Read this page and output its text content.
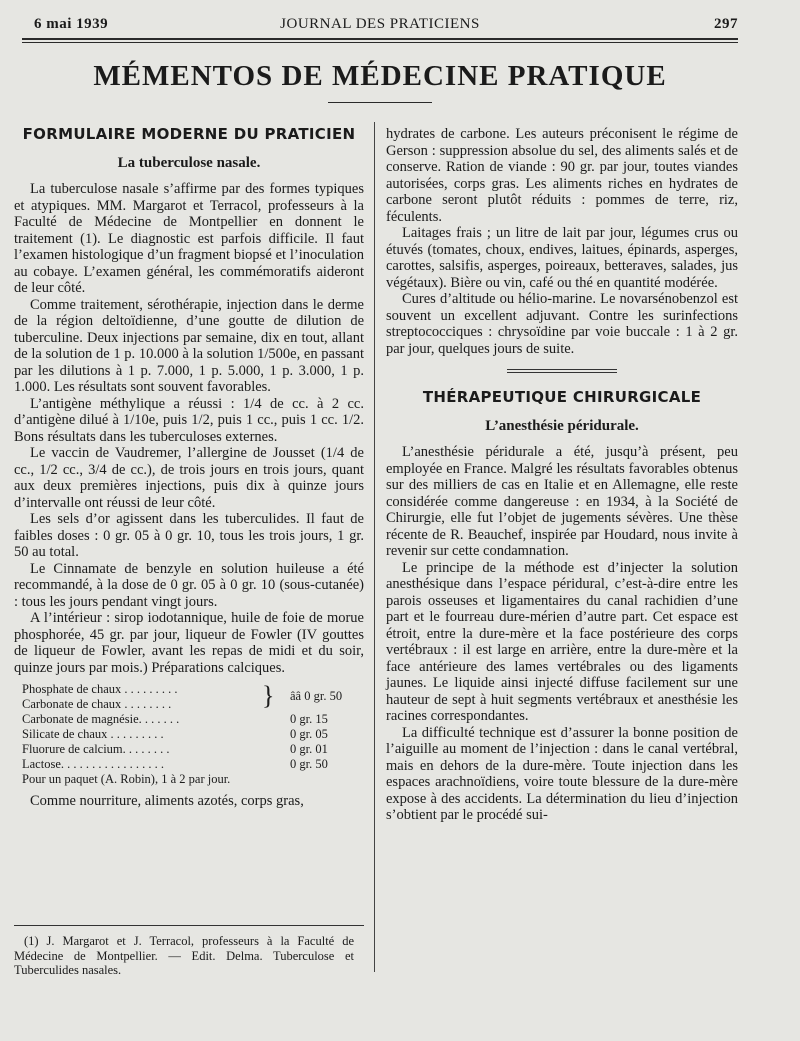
6 mai 1939	JOURNAL DES PRATICIENS	297
MÉMENTOS DE MÉDECINE PRATIQUE
FORMULAIRE MODERNE DU PRATICIEN
La tuberculose nasale.

La tuberculose nasale s’affirme par des formes typiques et atypiques. MM. Margarot et Terracol, professeurs à la Faculté de Médecine de Montpellier en donnent le traitement (1). Le diagnostic est parfois difficile. Il faut l’examen histologique d’un fragment biopsé et l’inoculation au cobaye. L’examen général, les commémoratifs aideront de leur côté.

Comme traitement, sérothérapie, injection dans le derme de la région deltoïdienne, d’une goutte de dilution de tuberculine. Deux injections par semaine, dix en tout, allant de la solution de 1 p. 10.000 à la solution 1/500e, en passant par les dilutions à 1 p. 7.000, 1 p. 5.000, 1 p. 3.000, 1 p. 1.000. Les résultats sont souvent favorables.

L’antigène méthylique a réussi : 1/4 de cc. à 2 cc. d’antigène dilué à 1/10e, puis 1/2, puis 1 cc., puis 1 cc. 1/2. Bons résultats dans les tuberculoses externes.

Le vaccin de Vaudremer, l’allergine de Jousset (1/4 de cc., 1/2 cc., 3/4 de cc.), de trois jours en trois jours, quant aux deux premières injections, puis dix à quinze jours d’intervalle ont réussi de leur côté.

Les sels d’or agissent dans les tuberculides. Il faut de faibles doses : 0 gr. 05 à 0 gr. 10, tous les trois jours, 1 gr. 50 au total.

Le Cinnamate de benzyle en solution huileuse a été recommandé, à la dose de 0 gr. 05 à 0 gr. 10 (sous-cutanée) : tous les jours pendant vingt jours.

A l’intérieur : sirop iodotannique, huile de foie de morue phosphorée, 45 gr. par jour, liqueur de Fowler (IV gouttes de liqueur de Fowler, avant les repas de midi et du soir, quinze jours par mois.) Préparations calciques.

Phosphate de chaux . . . . . . . . .	}
Carbonate de chaux . . . . . . . .
ââ 0 gr. 50
Carbonate de magnésie. . . . . . .	0 gr. 15
Silicate de chaux . . . . . . . . .	0 gr. 05
Fluorure de calcium. . . . . . . .	0 gr. 01
Lactose. . . . . . . . . . . . . . . . .	0 gr. 50
Pour un paquet (A. Robin), 1 à 2 par jour.

Comme nourriture, aliments azotés, corps gras,

(1) J. Margarot et J. Terracol, professeurs à la Faculté de Médecine de Montpellier. — Edit. Delma. Tuberculose et Tuberculides nasales.

hydrates de carbone. Les auteurs préconisent le régime de Gerson : suppression absolue du sel, des aliments salés et de conserve. Ration de viande : 90 gr. par jour, toutes viandes autorisées, corps gras. Les aliments riches en hydrates de carbone seront plutôt réduits : pommes de terre, riz, féculents.

Laitages frais ; un litre de lait par jour, légumes crus ou étuvés (tomates, choux, endives, laitues, épinards, asperges, carottes, salsifis, asperges, poireaux, betteraves, salades, jus végétaux). Bière ou vin, café ou thé en quantité modérée.

Cures d’altitude ou hélio-marine. Le novarsénobenzol est souvent un excellent adjuvant. Contre les surinfections streptococciques : chrysoïdine par voie buccale : 1 à 2 gr. par jour, quelques jours de suite.

THÉRAPEUTIQUE CHIRURGICALE
L’anesthésie péridurale.

L’anesthésie péridurale a été, jusqu’à présent, peu employée en France. Malgré les résultats favorables obtenus sur des milliers de cas en Italie et en Allemagne, elle reste considérée comme dangereuse : en 1934, à la Société de Chirurgie, elle fut l’objet de jugements sévères. Une thèse récente de R. Beauchef, inspirée par Houdard, nous invite à revenir sur cette condamnation.

Le principe de la méthode est d’injecter la solution anesthésique dans l’espace péridural, c’est-à-dire entre les parois osseuses et ligamentaires du canal rachidien d’une part et le fourreau dure-mérien d’autre part. Cet espace est étroit, entre la dure-mère et la face postérieure des corps vertébraux : il est large en arrière, entre la dure-mère et la face antérieure des lames vertébrales ou des ligaments jaunes. Le liquide ainsi injecté diffuse facilement sur une hauteur de sept à huit segments vertébraux et anesthésie les racines correspondantes.

La difficulté technique est d’assurer la bonne position de l’aiguille au moment de l’injection : dans le canal vertébral, mais en dehors de la dure-mère. Toute injection dans les espaces arachnoïdiens, voire toute blessure de la dure-mère expose à des accidents. La détermination du lieu d’injection s’obtient par le procédé sui-
